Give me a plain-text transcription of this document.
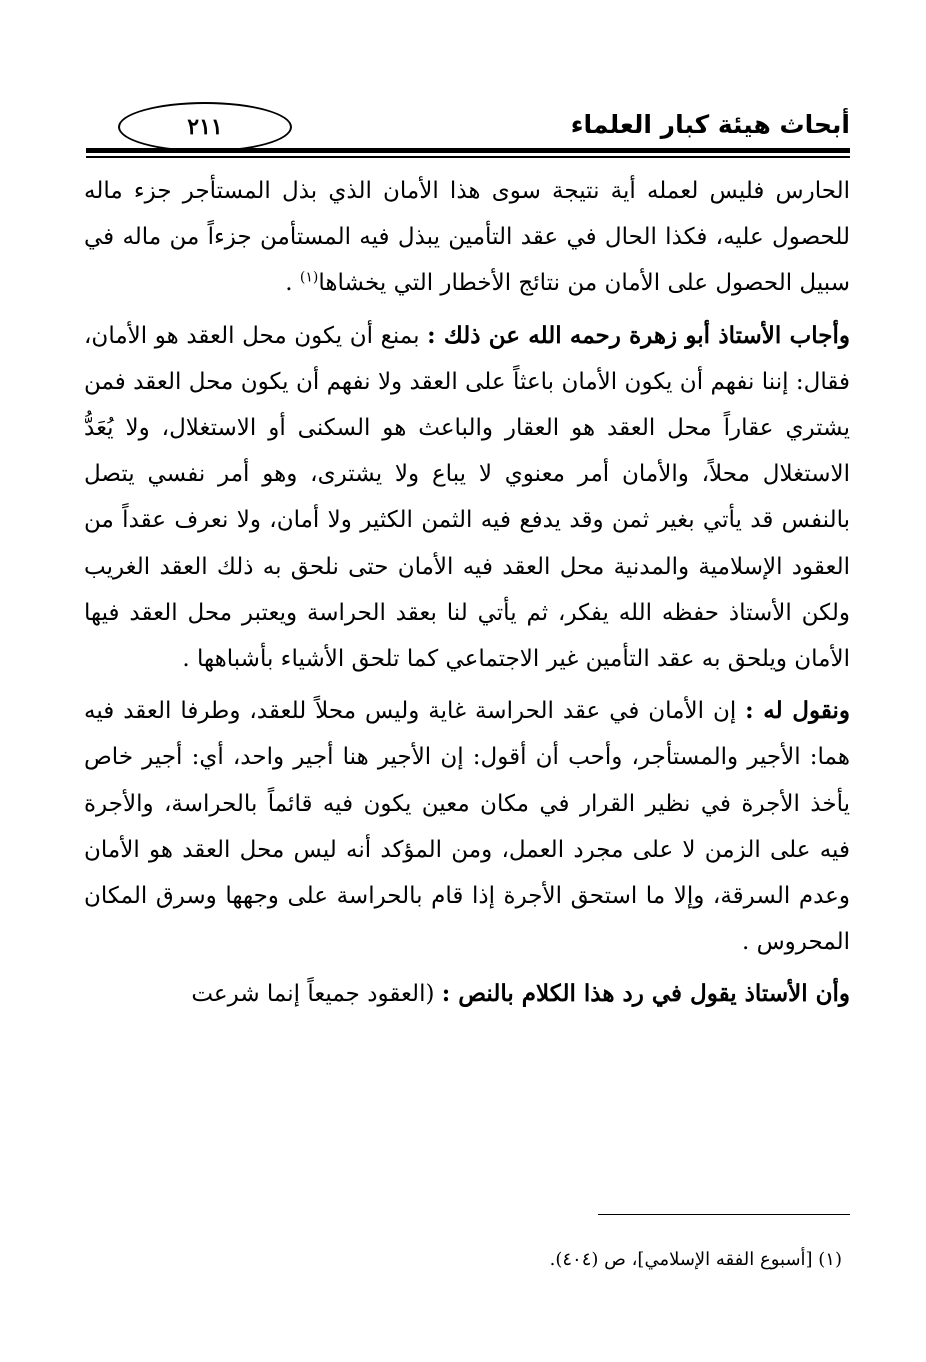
أبحاث هيئة كبار العلماء
٢١١

الحارس فليس لعمله أية نتيجة سوى هذا الأمان الذي بذل المستأجر جزء ماله للحصول عليه، فكذا الحال في عقد التأمين يبذل فيه المستأمن جزءاً من ماله في سبيل الحصول على الأمان من نتائج الأخطار التي يخشاها$^{(١)}$ .

وأجاب الأستاذ أبو زهرة رحمه الله عن ذلك : بمنع أن يكون محل العقد هو الأمان، فقال: إننا نفهم أن يكون الأمان باعثاً على العقد ولا نفهم أن يكون محل العقد فمن يشتري عقاراً محل العقد هو العقار والباعث هو السكنى أو الاستغلال، ولا يُعَدُّ الاستغلال محلاً، والأمان أمر معنوي لا يباع ولا يشترى، وهو أمر نفسي يتصل بالنفس قد يأتي بغير ثمن وقد يدفع فيه الثمن الكثير ولا أمان، ولا نعرف عقداً من العقود الإسلامية والمدنية محل العقد فيه الأمان حتى نلحق به ذلك العقد الغريب ولكن الأستاذ حفظه الله يفكر، ثم يأتي لنا بعقد الحراسة ويعتبر محل العقد فيها الأمان ويلحق به عقد التأمين غير الاجتماعي كما تلحق الأشياء بأشباهها .

ونقول له : إن الأمان في عقد الحراسة غاية وليس محلاً للعقد، وطرفا العقد فيه هما: الأجير والمستأجر، وأحب أن أقول: إن الأجير هنا أجير واحد، أي: أجير خاص يأخذ الأجرة في نظير القرار في مكان معين يكون فيه قائماً بالحراسة، والأجرة فيه على الزمن لا على مجرد العمل، ومن المؤكد أنه ليس محل العقد هو الأمان وعدم السرقة، وإلا ما استحق الأجرة إذا قام بالحراسة على وجهها وسرق المكان المحروس .

وأن الأستاذ يقول في رد هذا الكلام بالنص : (العقود جميعاً إنما شرعت

(١) [أسبوع الفقه الإسلامي]، ص (٤٠٤).
